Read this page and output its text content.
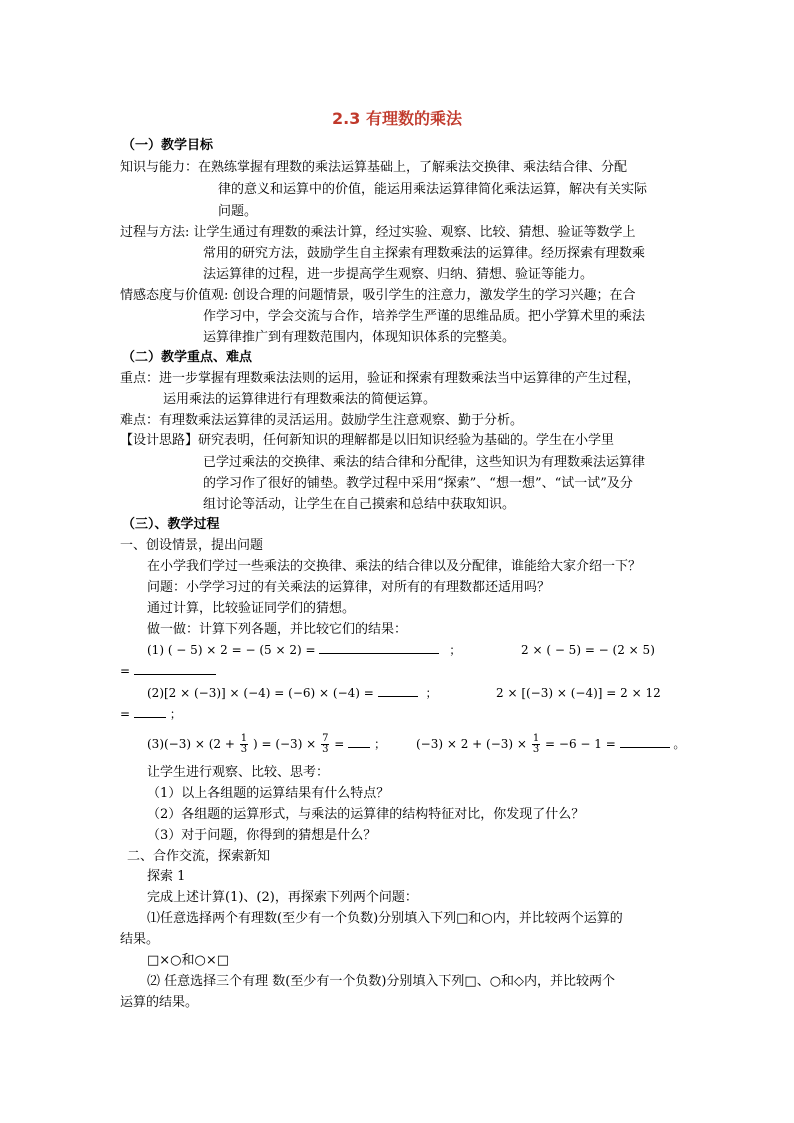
2.3 有理数的乘法
（一）教学目标
知识与能力：在熟练掌握有理数的乘法运算基础上，了解乘法交换律、乘法结合律、分配
律的意义和运算中的价值，能运用乘法运算律简化乘法运算，解决有关实际
问题。
过程与方法: 让学生通过有理数的乘法计算，经过实验、观察、比较、猜想、验证等数学上
常用的研究方法，鼓励学生自主探索有理数乘法的运算律。经历探索有理数乘
法运算律的过程，进一步提高学生观察、归纳、猜想、验证等能力。
情感态度与价值观: 创设合理的问题情景，吸引学生的注意力，激发学生的学习兴趣；在合
作学习中，学会交流与合作，培养学生严谨的思维品质。把小学算术里的乘法
运算律推广到有理数范围内，体现知识体系的完整美。
（二）教学重点、难点
重点：进一步掌握有理数乘法法则的运用，验证和探索有理数乘法当中运算律的产生过程，
运用乘法的运算律进行有理数乘法的简便运算。
难点：有理数乘法运算律的灵活运用。鼓励学生注意观察、勤于分析。
【设计思路】研究表明，任何新知识的理解都是以旧知识经验为基础的。学生在小学里
已学过乘法的交换律、乘法的结合律和分配律，这些知识为有理数乘法运算律
的学习作了很好的铺垫。教学过程中采用“探索”、“想一想”、“试一试”及分
组讨论等活动，让学生在自己摸索和总结中获取知识。
（三）、教学过程
一、创设情景，提出问题
在小学我们学过一些乘法的交换律、乘法的结合律以及分配律，谁能给大家介绍一下？
问题：小学学习过的有关乘法的运算律，对所有的有理数都还适用吗？
通过计算，比较验证同学们的猜想。
做一做：计算下列各题，并比较它们的结果：
(1) ( − 5) × 2 = − (5 × 2) =	；	2 × ( − 5) = − (2 × 5)
=
(2)[2 × (−3)] × (−4) = (−6) × (−4) =	；	2 × [(−3) × (−4)] = 2 × 12
=	；
$(3)(-3) \times (2 + \frac{1}{3}$ ) = $(-3) \times \frac{7}{3}$ = ； $(-3) \times 2 + (-3) \times \frac{1}{3} = -6 - 1$ =	。
让学生进行观察、比较、思考：
（1）以上各组题的运算结果有什么特点？
（2）各组题的运算形式，与乘法的运算律的结构特征对比，你发现了什么？
（3）对于问题，你得到的猜想是什么？
二、合作交流，探索新知
探索 1
完成上述计算(1)、(2)，再探索下列两个问题：
⑴任意选择两个有理数(至少有一个负数)分别填入下列□和○内，并比较两个运算的
结果。
□×○和○×□
⑵ 任意选择三个有理 数(至少有一个负数)分别填入下列□、○和◇内，并比较两个
运算的结果。
